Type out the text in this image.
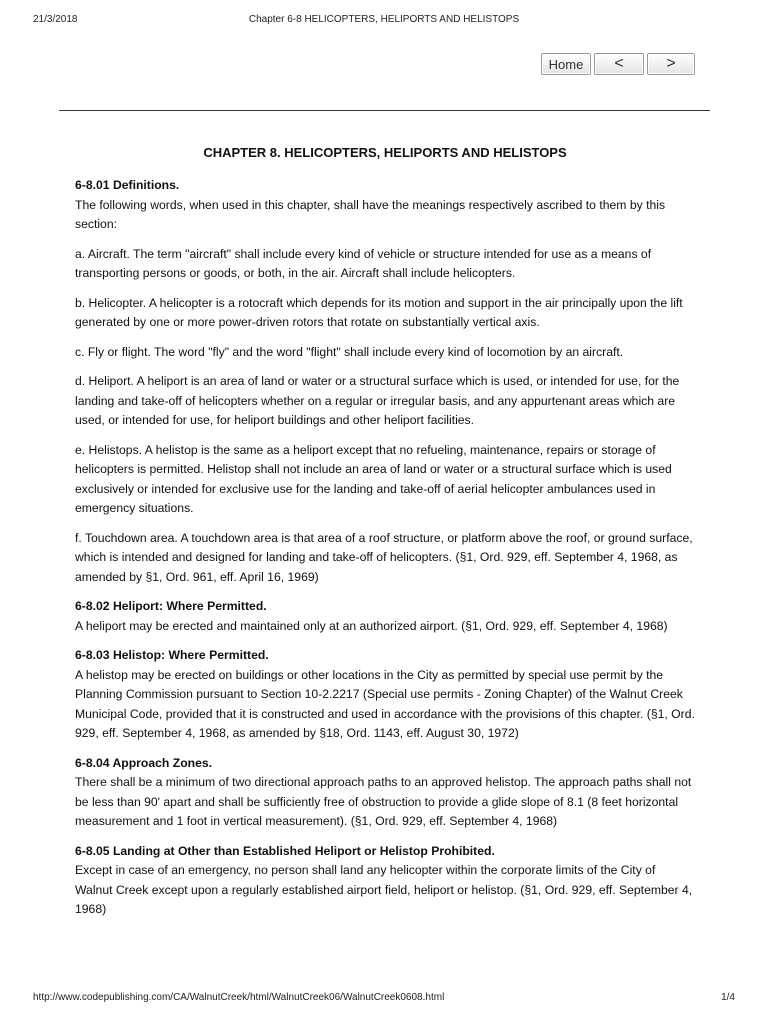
21/3/2018	Chapter 6-8 HELICOPTERS, HELIPORTS AND HELISTOPS
Home	<	>
CHAPTER 8. HELICOPTERS, HELIPORTS AND HELISTOPS
6-8.01 Definitions.
The following words, when used in this chapter, shall have the meanings respectively ascribed to them by this section:
a. Aircraft. The term "aircraft" shall include every kind of vehicle or structure intended for use as a means of transporting persons or goods, or both, in the air. Aircraft shall include helicopters.
b. Helicopter. A helicopter is a rotocraft which depends for its motion and support in the air principally upon the lift generated by one or more power-driven rotors that rotate on substantially vertical axis.
c. Fly or flight. The word "fly" and the word "flight" shall include every kind of locomotion by an aircraft.
d. Heliport. A heliport is an area of land or water or a structural surface which is used, or intended for use, for the landing and take-off of helicopters whether on a regular or irregular basis, and any appurtenant areas which are used, or intended for use, for heliport buildings and other heliport facilities.
e. Helistops. A helistop is the same as a heliport except that no refueling, maintenance, repairs or storage of helicopters is permitted. Helistop shall not include an area of land or water or a structural surface which is used exclusively or intended for exclusive use for the landing and take-off of aerial helicopter ambulances used in emergency situations.
f. Touchdown area. A touchdown area is that area of a roof structure, or platform above the roof, or ground surface, which is intended and designed for landing and take-off of helicopters. (§1, Ord. 929, eff. September 4, 1968, as amended by §1, Ord. 961, eff. April 16, 1969)
6-8.02 Heliport: Where Permitted.
A heliport may be erected and maintained only at an authorized airport. (§1, Ord. 929, eff. September 4, 1968)
6-8.03 Helistop: Where Permitted.
A helistop may be erected on buildings or other locations in the City as permitted by special use permit by the Planning Commission pursuant to Section 10-2.2217 (Special use permits - Zoning Chapter) of the Walnut Creek Municipal Code, provided that it is constructed and used in accordance with the provisions of this chapter. (§1, Ord. 929, eff. September 4, 1968, as amended by §18, Ord. 1143, eff. August 30, 1972)
6-8.04 Approach Zones.
There shall be a minimum of two directional approach paths to an approved helistop. The approach paths shall not be less than 90' apart and shall be sufficiently free of obstruction to provide a glide slope of 8.1 (8 feet horizontal measurement and 1 foot in vertical measurement). (§1, Ord. 929, eff. September 4, 1968)
6-8.05 Landing at Other than Established Heliport or Helistop Prohibited.
Except in case of an emergency, no person shall land any helicopter within the corporate limits of the City of Walnut Creek except upon a regularly established airport field, heliport or helistop. (§1, Ord. 929, eff. September 4, 1968)
http://www.codepublishing.com/CA/WalnutCreek/html/WalnutCreek06/WalnutCreek0608.html	1/4
